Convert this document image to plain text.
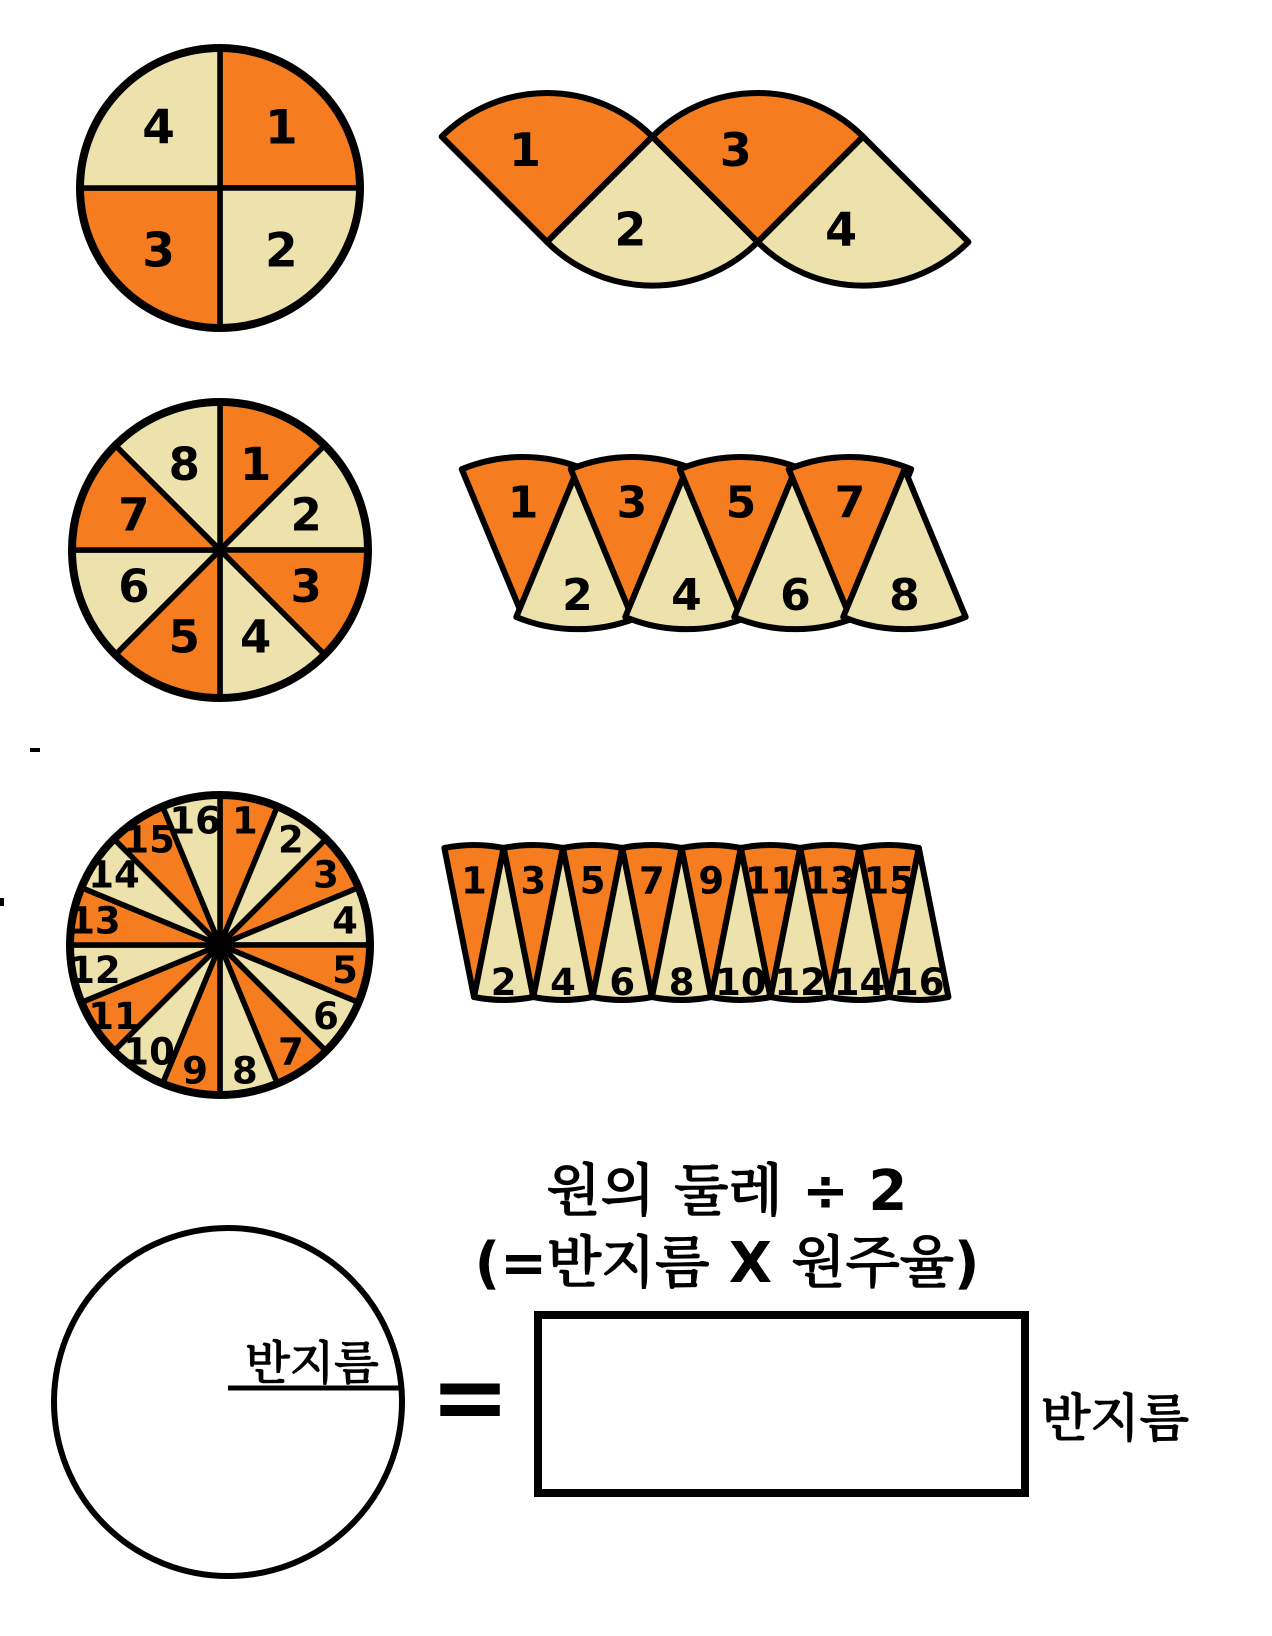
1
2
3
4	1
2
3
4
1
2
3
4
5
6
7
8
1
2
3
4
5
6
7
8
1 2
3
4
5
6
7
8
9
10
11
12
13
14
15
16
1
2
3
4
5
6
7
8
9
10
11
12
13
14
15
16
원의 둘레 ÷ 2
(=반지름 X 원주율)
반지름 =	반지름
